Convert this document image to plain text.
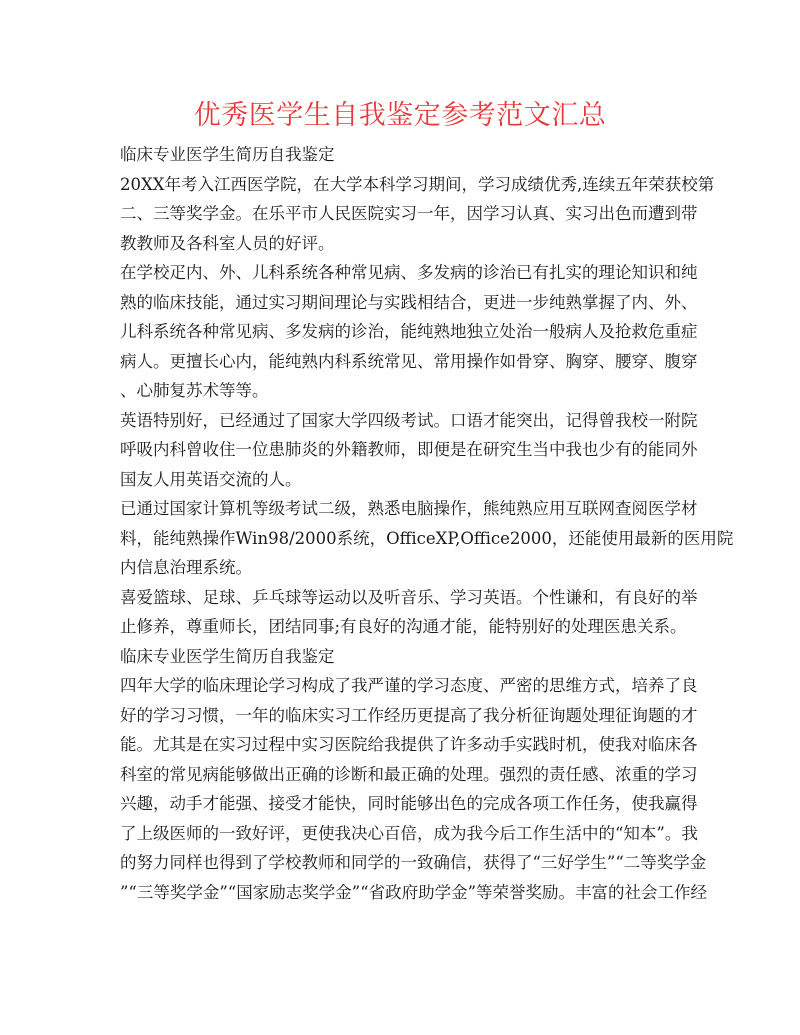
优秀医学生自我鉴定参考范文汇总
临床专业医学生简历自我鉴定
20XX年考入江西医学院，在大学本科学习期间，学习成绩优秀,连续五年荣获校第
二、三等奖学金。在乐平市人民医院实习一年，因学习认真、实习出色而遭到带
教教师及各科室人员的好评。
在学校疋内、外、儿科系统各种常见病、多发病的诊治已有扎实的理论知识和纯
熟的临床技能，通过实习期间理论与实践相结合，更进一步纯熟掌握了内、外、
儿科系统各种常见病、多发病的诊治，能纯熟地独立处治一般病人及抢救危重症
病人。更擅长心内，能纯熟内科系统常见、常用操作如骨穿、胸穿、腰穿、腹穿
、心肺复苏术等等。
英语特别好，已经通过了国家大学四级考试。口语才能突出，记得曾我校一附院
呼吸内科曾收住一位患肺炎的外籍教师，即便是在研究生当中我也少有的能同外
国友人用英语交流的人。
已通过国家计算机等级考试二级，熟悉电脑操作，熊纯熟应用互联网查阅医学材
料，能纯熟操作Win98/2000系统，OfficeXP,Office2000，还能使用最新的医用院
内信息治理系统。
喜爱篮球、足球、乒乓球等运动以及听音乐、学习英语。个性谦和，有良好的举
止修养，尊重师长，团结同事;有良好的沟通才能，能特别好的处理医患关系。
临床专业医学生简历自我鉴定
四年大学的临床理论学习构成了我严谨的学习态度、严密的思维方式，培养了良
好的学习习惯，一年的临床实习工作经历更提高了我分析征询题处理征询题的才
能。尤其是在实习过程中实习医院给我提供了许多动手实践时机，使我对临床各
科室的常见病能够做出正确的诊断和最正确的处理。强烈的责任感、浓重的学习
兴趣，动手才能强、接受才能快，同时能够出色的完成各项工作任务，使我赢得
了上级医师的一致好评，更使我决心百倍，成为我今后工作生活中的“知本”。我
的努力同样也得到了学校教师和同学的一致确信，获得了“三好学生”“二等奖学金
”“三等奖学金”“国家励志奖学金”“省政府助学金”等荣誉奖励。丰富的社会工作经
